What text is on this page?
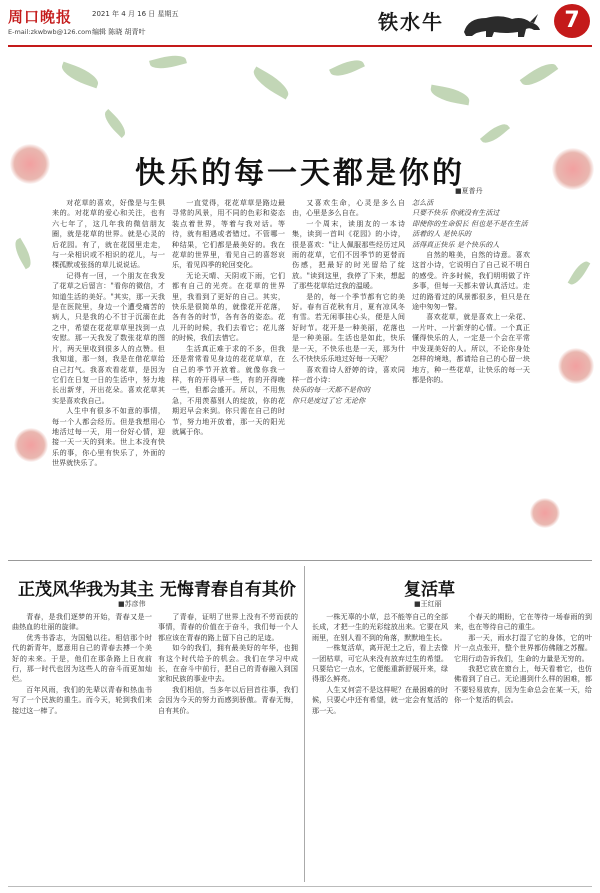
周口晚报
E-mail:zkwbwb@126.com
2021 年 4 月 16 日 星期五
编辑 陈晓 胡青叶	铁水牛	7
快乐的每一天都是你的
■夏普丹

对花草的喜欢，好像是与生俱来的。对花草的爱心和关注，也有六七年了，这几年我的微信朋友圈，就是花草的世界。就是心灵的后花园。有了，就在花园里走走，与一朵相识或不相识的花儿，与一棵孤默或张扬的草儿说说话。

记得有一回，一个朋友在我发了花草之后留言："看你的微信，才知道生活的美好。"其实，那一天我是在医院里，身边一个遭受痛苦的病人，只是我的心不甘于沉溺在此之中，希望在花花草草里找到一点安慰。那一天我发了数张花草的图片，两天里收到很多人的点赞。但我知道，那一刻，我是在借花草给自己打气。我喜欢看花草，是因为它们在日复一日的生活中，努力地长出新芽，开出花朵。喜欢花草其实是喜欢我自己。

人生中有很多不如意的事情，每一个人都会经历。但是我想用心地活过每一天，用一份好心情，迎接一天一天的到来。世上本没有快乐的事，你心里有快乐了，外面的世界就快乐了。

一直觉得，花花草草是路边最寻常的风景，用不同的色彩和姿态装点着世界，等着与我对话。等待，就有相遇或者错过。不管哪一种结果，它们都是最美好的。我在花草的世界里，看见自己的喜怒哀乐，看见四季的轮回变化。

无论天晴、天阴或下雨，它们都有自己的光亮。在花草的世界里，我看到了更好的自己。其实，快乐是很简单的，就像花开花落，各有各的时节，各有各的姿态。花儿开的时候，我们去看它；花儿落的时候，我们去惜它。

生活真正难于求的不多，但我还是常常看见身边的花花草草，在自己的季节开放着。就像你我一样，有的开得早一些，有的开得晚一些，但都会盛开。所以，不用焦急，不用羡慕别人的绽放，你的花期迟早会来到。你只需在自己的时节，努力地开放着，那一天的阳光就属于你。

又喜欢生命，心灵是多么自由，心里是多么自在。

一个周末，读朋友的一本诗集，读到一首叫《花园》的小诗，很是喜欢："让人佩服那些经历过风雨的花草，它们不因季节的更替而伤感，把最好的时光留给了绽放。"读到这里，我停了下来，想起了那些花草给过我的温暖。

是的，每一个季节都有它的美好。春有百花秋有月，夏有凉风冬有雪。若无闲事挂心头，便是人间好时节。花开是一种美丽，花落也是一种美丽。生活也是如此，快乐是一天，不快乐也是一天，那为什么不快快乐乐地过好每一天呢？

喜欢看诗人舒婷的诗，喜欢同样一首小诗：

快乐的每一天都不是你的

你只是度过了它 无论你

怎么活

只要不快乐 你就没有生活过

即使你的生命很长 但也是不是在生活

活着的人 是快乐的

活得真正快乐 是个快乐的人

自然的唯美，自然的诗意。喜欢这首小诗，它说明白了自己说不明白的感受。许多时候，我们明明做了许多事，但每一天都未曾认真活过。走过的路看过的风景都很多，但只是在途中匆匆一瞥。

喜欢花草，就是喜欢上一朵花、一片叶、一片新芽的心情。一个真正懂得快乐的人，一定是一个会在平常中发现美好的人。所以，不论你身处怎样的境地，都请给自己的心留一块地方，种一些花草，让快乐的每一天都是你的。

正茂风华我为其主 无悔青春自有其价
■苏彦伟

青春，是我们逐梦的开始，青春又是一曲热血的壮丽的旋律。

优秀书香志，为国勉以往。相信那个时代的新青年，愿意用自己的青春去搏一个美好的未来。于是，他们在那条路上日夜前行，那一时代也因为这些人的奋斗而更加灿烂。

百年风雨，我们的先辈以青春和热血书写了一个民族的重生。而今天，轮到我们来接过这一棒了。

了青春，证明了世界上没有不劳而获的事情，青春的价值在于奋斗，我们每一个人都应该在青春的路上留下自己的足迹。

如今的我们，拥有最美好的年华，也拥有这个时代给予的机会。我们在学习中成长，在奋斗中前行，把自己的青春融入到国家和民族的事业中去。

我们相信，当多年以后回首往事，我们会因为今天的努力而感到骄傲。青春无悔，自有其价。

复活草
■王红丽

一株无辜的小草，总不能等自己的全部长成，才把一生的光彩绽放出来。它要在风雨里，在别人看不到的角落，默默地生长。

一株复活草，离开泥土之后，看上去像一团枯草，可它从来没有放弃过生的希望。只要给它一点水，它便能重新舒展开来，绿得那么鲜亮。

人生又何尝不是这样呢？在最困难的时候，只要心中还有希望，就一定会有复活的那一天。

个春天的期盼，它在等待一场春雨的到来，也在等待自己的重生。

那一天，雨水打湿了它的身体，它的叶片一点点张开，整个世界都仿佛随之苏醒。它用行动告诉我们，生命的力量是无穷的。

我把它放在窗台上，每天看着它，也仿佛看到了自己。无论遇到什么样的困难，都不要轻易放弃，因为生命总会在某一天，给你一个复活的机会。
